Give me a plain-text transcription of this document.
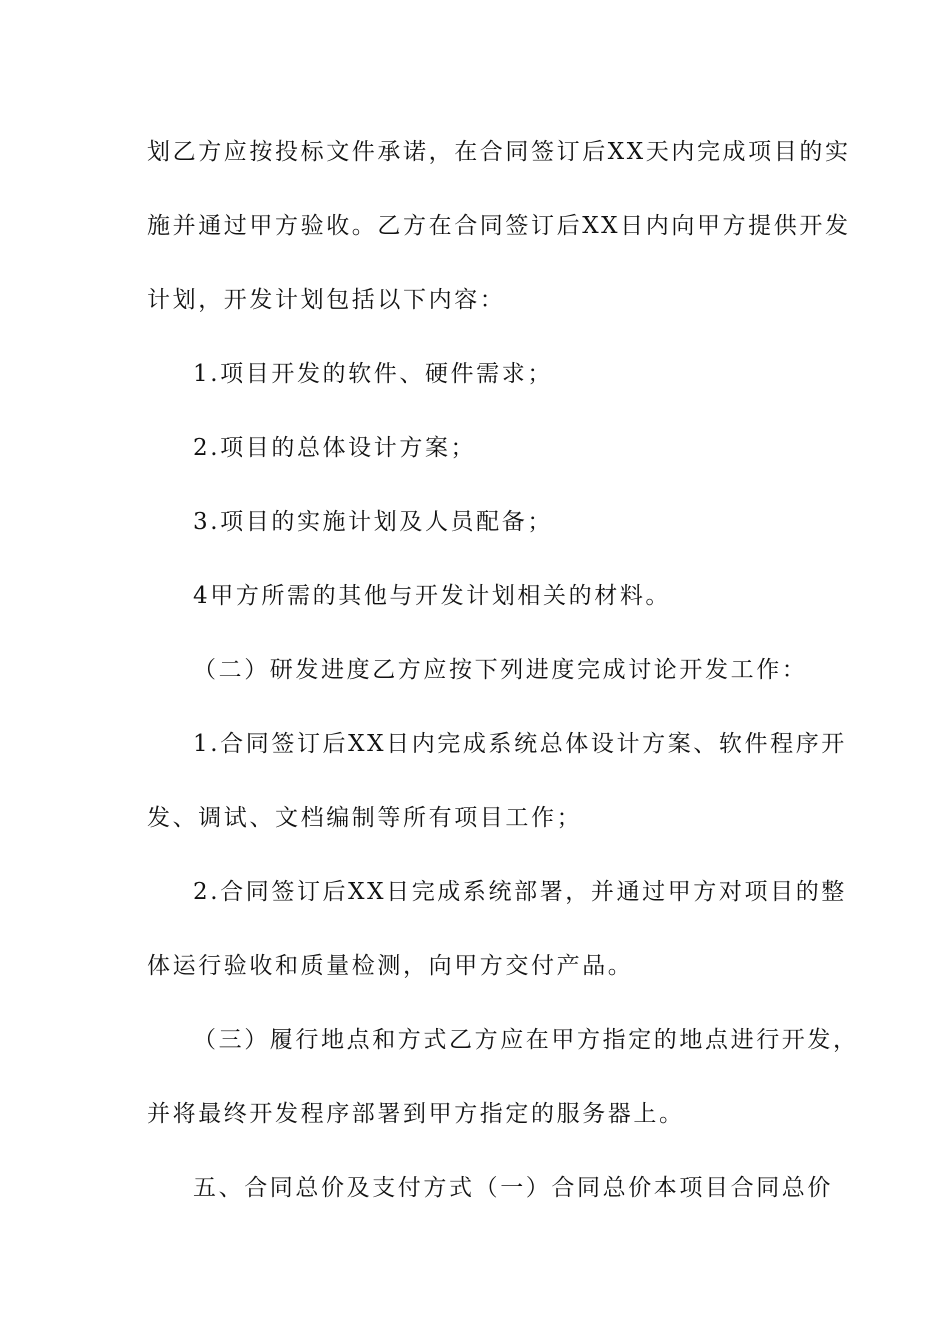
划乙方应按投标文件承诺，在合同签订后XX天内完成项目的实
施并通过甲方验收。乙方在合同签订后XX日内向甲方提供开发
计划，开发计划包括以下内容：
1.项目开发的软件、硬件需求；
2.项目的总体设计方案；
3.项目的实施计划及人员配备；
4甲方所需的其他与开发计划相关的材料。
（二）研发进度乙方应按下列进度完成讨论开发工作：
1.合同签订后XX日内完成系统总体设计方案、软件程序开
发、调试、文档编制等所有项目工作；
2.合同签订后XX日完成系统部署，并通过甲方对项目的整
体运行验收和质量检测，向甲方交付产品。
（三）履行地点和方式乙方应在甲方指定的地点进行开发，
并将最终开发程序部署到甲方指定的服务器上。
五、合同总价及支付方式（一）合同总价本项目合同总价
